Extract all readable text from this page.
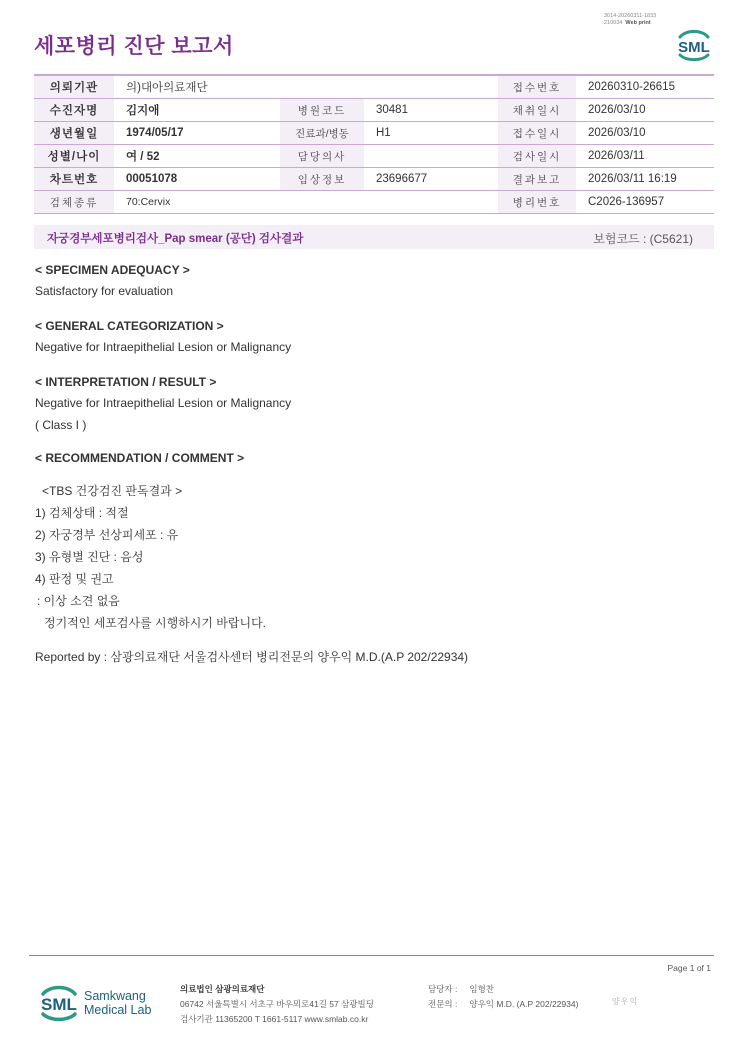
3014-20260311-1833
210034 Web print
세포병리 진단 보고서	SML
의뢰기관	의)대아의료재단			접수번호	20260310-26615
수진자명	김지애	병원코드	30481	채취일시	2026/03/10
생년월일	1974/05/17	진료과/병동	H1	접수일시	2026/03/10
성별/나이	여 / 52	담당의사		검사일시	2026/03/11
차트번호	00051078	임상정보	23696677	결과보고	2026/03/11 16:19
검체종류	70:Cervix			병리번호	C2026-136957
자궁경부세포병리검사_Pap smear (공단) 검사결과	보험코드 : (C5621)
< SPECIMEN ADEQUACY >
Satisfactory for evaluation
< GENERAL CATEGORIZATION >
Negative for Intraepithelial Lesion or Malignancy
< INTERPRETATION / RESULT >
Negative for Intraepithelial Lesion or Malignancy
( Class I )
< RECOMMENDATION / COMMENT >
<TBS 건강검진 판독결과 >
1) 검체상태 : 적절
2) 자궁경부 선상피세포 : 유
3) 유형별 진단 : 음성
4) 판정 및 권고
: 이상 소견 없음
정기적인 세포검사를 시행하시기 바랍니다.
Reported by : 삼광의료재단 서울검사센터 병리전문의 양우익 M.D.(A.P 202/22934)
Page 1 of 1
SML Samkwang
Medical Lab
의료법인 삼광의료재단
06742 서울특별시 서초구 바우뫼로41길 57 삼광빌딩
검사기관 11365200 T 1661-5117 www.smlab.co.kr
담당자 : 임형찬
전문의 : 양우익 M.D. (A.P 202/22934)	양우익
